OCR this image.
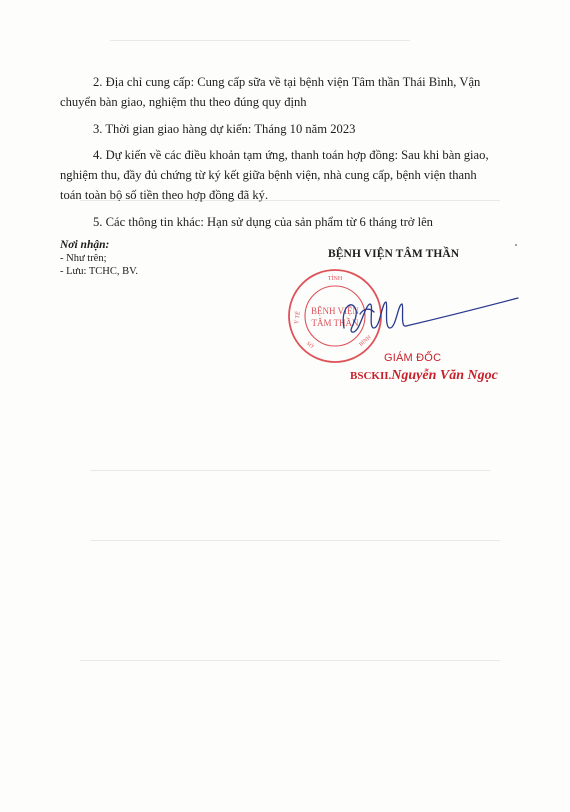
2. Địa chỉ cung cấp: Cung cấp sữa về tại bệnh viện Tâm thần Thái Bình, Vận

chuyển bàn giao, nghiệm thu theo đúng quy định

3. Thời gian giao hàng dự kiến: Tháng 10 năm 2023

4. Dự kiến về các điều khoản tạm ứng, thanh toán hợp đồng: Sau khi bàn giao,

nghiệm thu, đầy đủ chứng từ ký kết giữa bệnh viện, nhà cung cấp, bệnh viện thanh

toán toàn bộ số tiền theo hợp đồng đã ký.

5. Các thông tin khác: Hạn sử dụng của sản phẩm từ 6 tháng trở lên

Nơi nhận:
- Như trên;
- Lưu: TCHC, BV.
BỆNH VIỆN TÂM THẦN
TỈNH
Y TẾ
BÌNH
SỞ
BỆNH VIỆN
TÂM THẦN
GIÁM ĐỐC
BSCKII.Nguyễn Văn Ngọc
